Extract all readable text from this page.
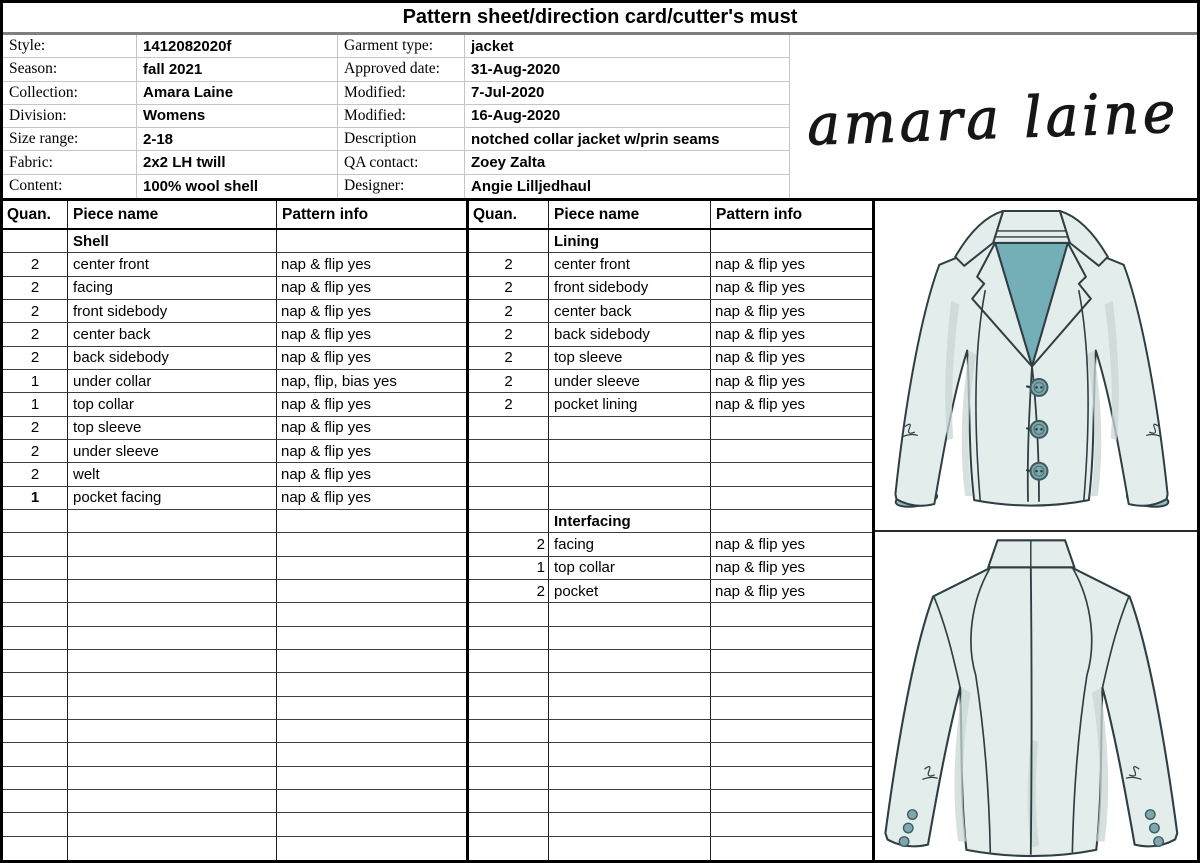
Pattern sheet/direction card/cutter's must
Style:	1412082020f	Garment type:	jacket
Season:	fall 2021	Approved date:	31-Aug-2020
Collection:	Amara Laine	Modified:	7-Jul-2020
Division:	Womens	Modified:	16-Aug-2020
Size range:	2-18	Description	notched collar jacket w/prin seams
Fabric:	2x2 LH twill	QA contact:	Zoey Zalta
Content:	100% wool shell	Designer:	Angie Lilljedhaul
amara laine
Quan.	Piece name	Pattern info
Shell
2	center front	nap & flip yes
2	facing	nap & flip yes
2	front sidebody	nap & flip yes
2	center back	nap & flip yes
2	back sidebody	nap & flip yes
1	under collar	nap, flip, bias yes
1	top collar	nap & flip yes
2	top sleeve	nap & flip yes
2	under sleeve	nap & flip yes
2	welt	nap & flip yes
1	pocket facing	nap & flip yes
Quan.	Piece name	Pattern info
Lining
2	center front	nap & flip yes
2	front sidebody	nap & flip yes
2	center back	nap & flip yes
2	back sidebody	nap & flip yes
2	top sleeve	nap & flip yes
2	under sleeve	nap & flip yes
2	pocket lining	nap & flip yes
Interfacing
2 facing	nap & flip yes
1 top collar	nap & flip yes
2 pocket	nap & flip yes
